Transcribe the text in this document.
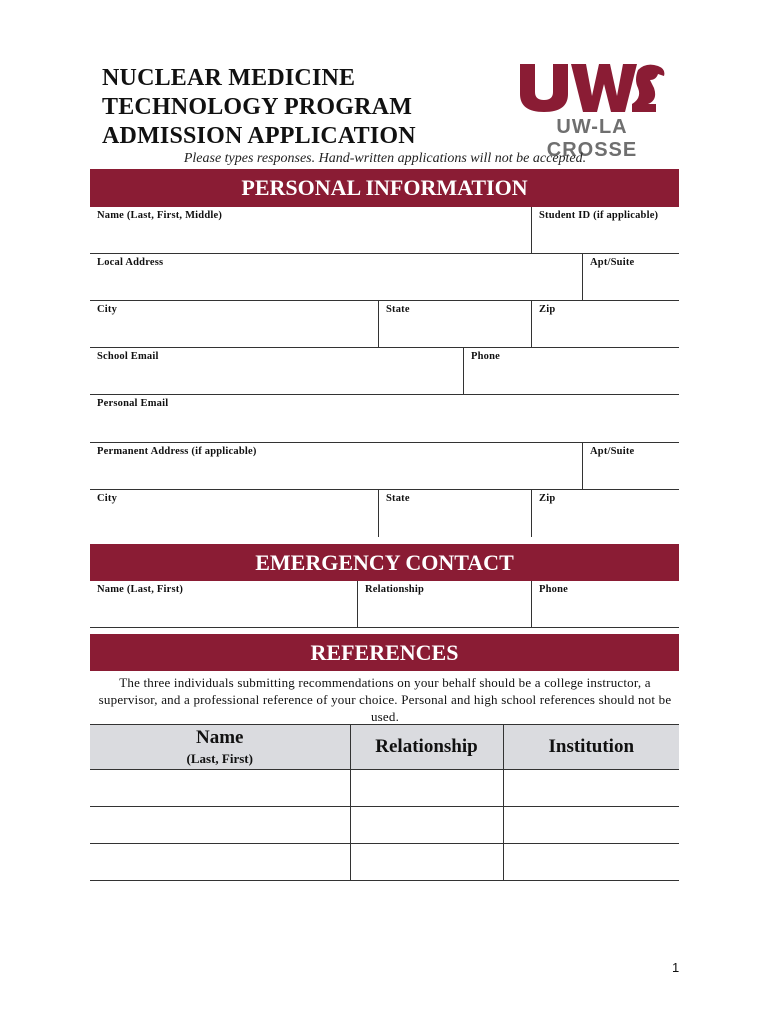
NUCLEAR MEDICINE
TECHNOLOGY PROGRAM
ADMISSION APPLICATION	UW-LA CROSSE
Please types responses. Hand-written applications will not be accepted.
PERSONAL INFORMATION
Name (Last, First, Middle)	Student ID (if applicable)
Local Address	Apt/Suite
City	State	Zip
School Email	Phone
Personal Email
Permanent Address (if applicable)	Apt/Suite
City	State	Zip
EMERGENCY CONTACT
Name (Last, First)	Relationship	Phone
REFERENCES
The three individuals submitting recommendations on your behalf should be a college instructor, a supervisor, and a professional reference of your choice. Personal and high school references should not be used.
Name
(Last, First)	Relationship	Institution

1
